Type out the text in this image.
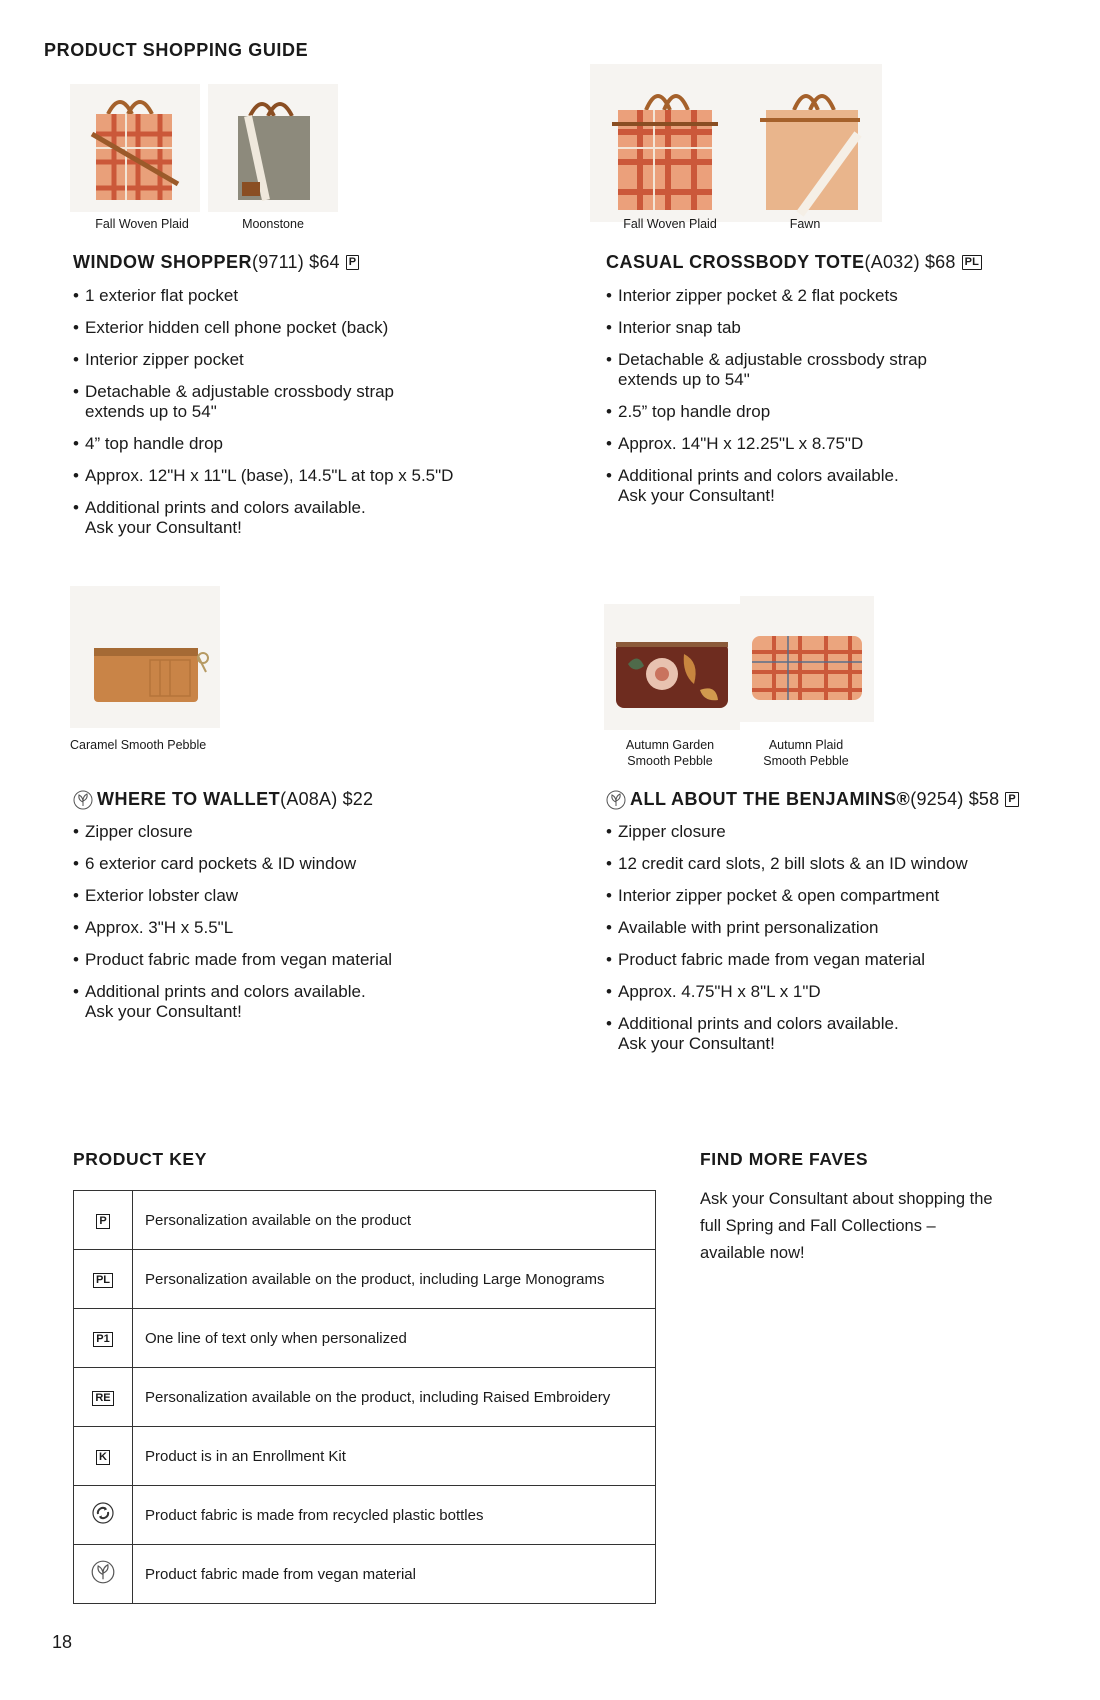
PRODUCT SHOPPING GUIDE
Fall Woven Plaid	Moonstone
WINDOW SHOPPER (9711) $64 P
• 1 exterior flat pocket
• Exterior hidden cell phone pocket (back)
• Interior zipper pocket
• Detachable & adjustable crossbody strap extends up to 54"
• 4” top handle drop
• Approx. 12"H x 11"L (base), 14.5"L at top x 5.5"D
• Additional prints and colors available. Ask your Consultant!
Fall Woven Plaid	Fawn
CASUAL CROSSBODY TOTE (A032) $68 PL
• Interior zipper pocket & 2 flat pockets
• Interior snap tab
• Detachable & adjustable crossbody strap extends up to 54"
• 2.5” top handle drop
• Approx. 14"H x 12.25"L x 8.75"D
• Additional prints and colors available. Ask your Consultant!
Caramel Smooth Pebble
WHERE TO WALLET (A08A) $22
• Zipper closure
• 6 exterior card pockets & ID window
• Exterior lobster claw
• Approx. 3"H x 5.5"L
• Product fabric made from vegan material
• Additional prints and colors available. Ask your Consultant!
Autumn Garden Smooth Pebble
Autumn Plaid Smooth Pebble
ALL ABOUT THE BENJAMINS® (9254) $58 P
• Zipper closure
• 12 credit card slots, 2 bill slots & an ID window
• Interior zipper pocket & open compartment
• Available with print personalization
• Product fabric made from vegan material
• Approx. 4.75"H x 8"L x 1"D
• Additional prints and colors available. Ask your Consultant!
PRODUCT KEY
P	Personalization available on the product
PL	Personalization available on the product, including Large Monograms
P1	One line of text only when personalized
RE	Personalization available on the product, including Raised Embroidery
K	Product is in an Enrollment Kit
	Product fabric is made from recycled plastic bottles
	Product fabric made from vegan material
FIND MORE FAVES
Ask your Consultant about shopping the full Spring and Fall Collections – available now!
18
